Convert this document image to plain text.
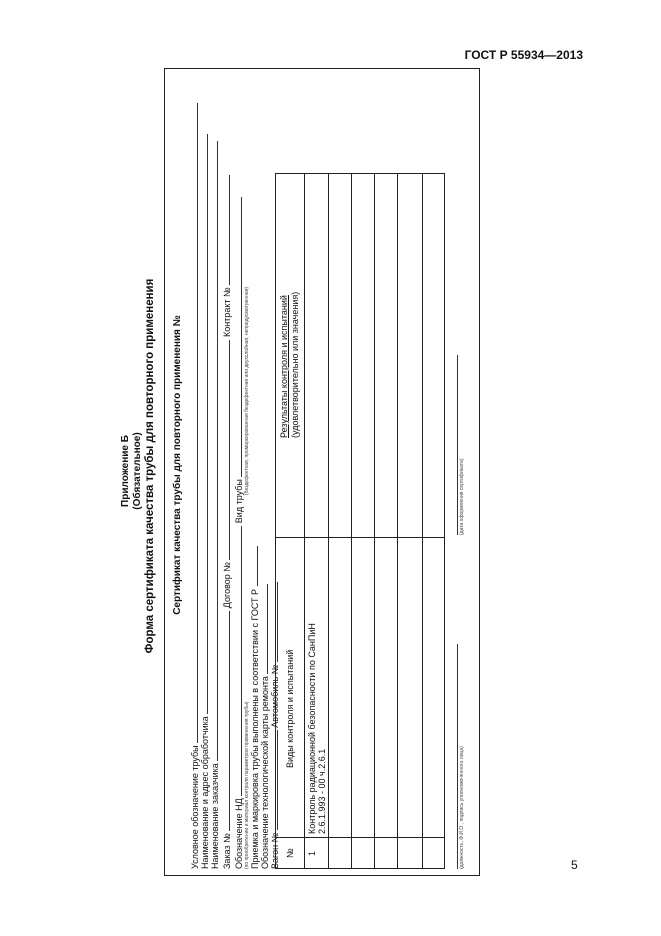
ГОСТ Р 55934—2013
5
Приложение Б (Обязательное) Форма сертификата качества трубы для повторного применения Сертификат качества трубы для повторного применения №
Условное обозначение трубы Наименование и адрес обработчика Наименование заказчика Заказ №  Договор №  Контракт №
Обозначение НД  Вид трубы
(по приобретении и материал контроля параметров применения трубы)
(бездефектная, промаркированная бездефектная или двухслойная, непредусмотренная)
Приемка и маркировка трубы выполнены в соответствии с ГОСТ Р Обозначение технологической карты ремонта Вагон №  Автомобиль №
№
Виды контроля и испытаний
Результаты контроля и испытаний (удовлетворительно или значения)
1
Контроль радиационной безопасности по СанПиН 2.6.1.993 - 00 ч.2.6.1	(должность, Ф.И.О., подпись уполномоченного лица)
(дата оформления сертификата)
